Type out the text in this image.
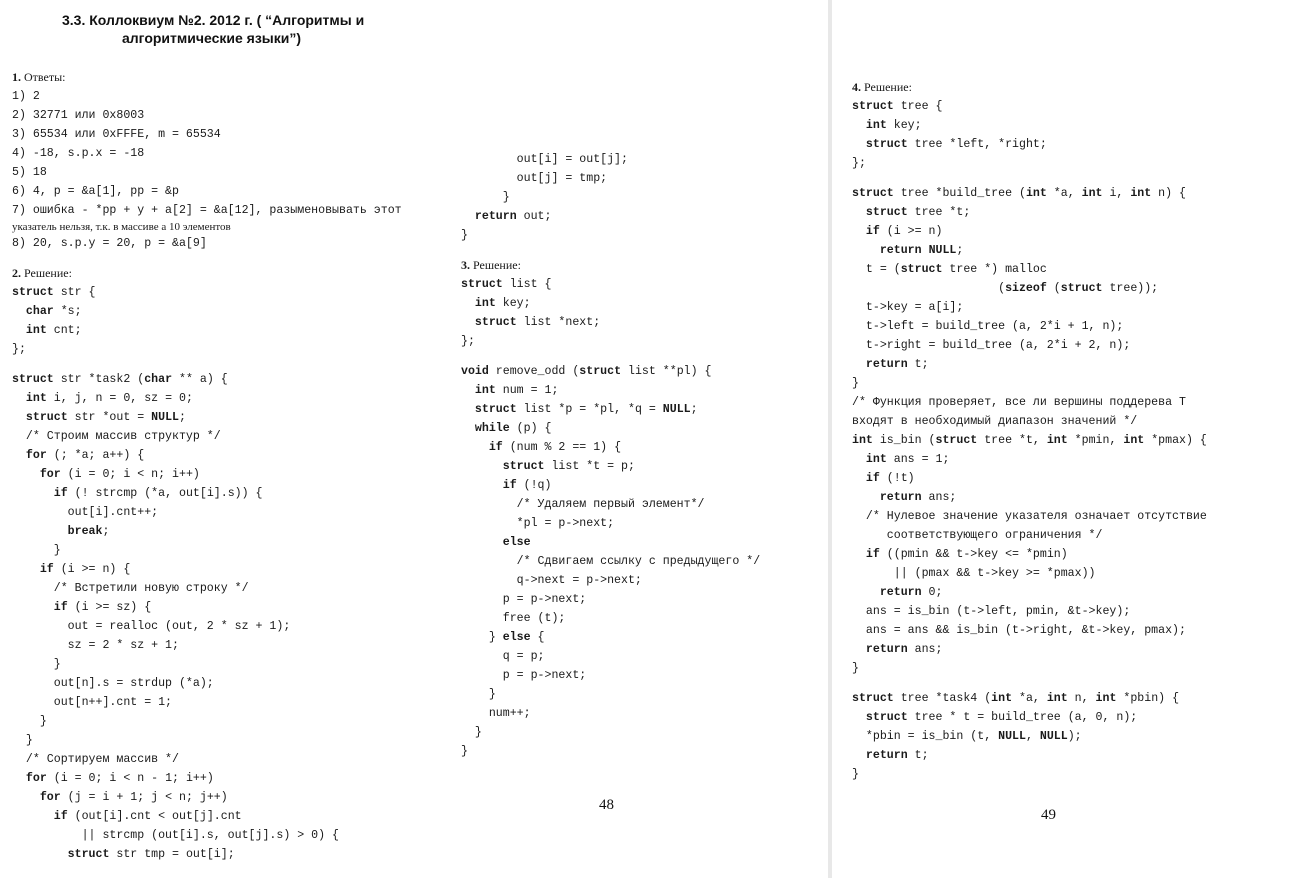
3.3. Коллоквиум №2. 2012 г. ( “Алгоритмы и
алгоритмические языки”)
1. Ответы:
1) 2
2) 32771 или 0x8003
3) 65534 или 0xFFFE, m = 65534
4) -18, s.p.x = -18
5) 18
6) 4, p = &a[1], pp = &p
7) ошибка - *pp + y + a[2] = &a[12], разыменовывать этот
указатель нельзя, т.к. в массиве a 10 элементов
8) 20, s.p.y = 20, p = &a[9]
2. Решение:
struct str {
char *s;
int cnt;
};
struct str *task2 (char ** a) {
int i, j, n = 0, sz = 0;
struct str *out = NULL;
/* Строим массив структур */
for (; *a; a++) {
for (i = 0; i < n; i++)
if (! strcmp (*a, out[i].s)) {
out[i].cnt++;
break;
}
if (i >= n) {
/* Встретили новую строку */
if (i >= sz) {
out = realloc (out, 2 * sz + 1);
sz = 2 * sz + 1;
}
out[n].s = strdup (*a);
out[n++].cnt = 1;
}
}
/* Сортируем массив */
for (i = 0; i < n - 1; i++)
for (j = i + 1; j < n; j++)
if (out[i].cnt < out[j].cnt
|| strcmp (out[i].s, out[j].s) > 0) {
struct str tmp = out[i];
out[i] = out[j];
out[j] = tmp;
}
return out;
}
3. Решение:
struct list {
int key;
struct list *next;
};
void remove_odd (struct list **pl) {
int num = 1;
struct list *p = *pl, *q = NULL;
while (p) {
if (num % 2 == 1) {
struct list *t = p;
if (!q)
/* Удаляем первый элемент*/
*pl = p->next;
else
/* Сдвигаем ссылку с предыдущего */
q->next = p->next;
p = p->next;
free (t);
} else {
q = p;
p = p->next;
}
num++;
}
}
4. Решение:
struct tree {
int key;
struct tree *left, *right;
};
struct tree *build_tree (int *a, int i, int n) {
struct tree *t;
if (i >= n)
return NULL;
t = (struct tree *) malloc
(sizeof (struct tree));
t->key = a[i];
t->left = build_tree (a, 2*i + 1, n);
t->right = build_tree (a, 2*i + 2, n);
return t;
}
/* Функция проверяет, все ли вершины поддерева T
входят в необходимый диапазон значений */
int is_bin (struct tree *t, int *pmin, int *pmax) {
int ans = 1;
if (!t)
return ans;
/* Нулевое значение указателя означает отсутствие
соответствующего ограничения */
if ((pmin && t->key <= *pmin)
|| (pmax && t->key >= *pmax))
return 0;
ans = is_bin (t->left, pmin, &t->key);
ans = ans && is_bin (t->right, &t->key, pmax);
return ans;
}
struct tree *task4 (int *a, int n, int *pbin) {
struct tree * t = build_tree (a, 0, n);
*pbin = is_bin (t, NULL, NULL);
return t;
}
48
49
